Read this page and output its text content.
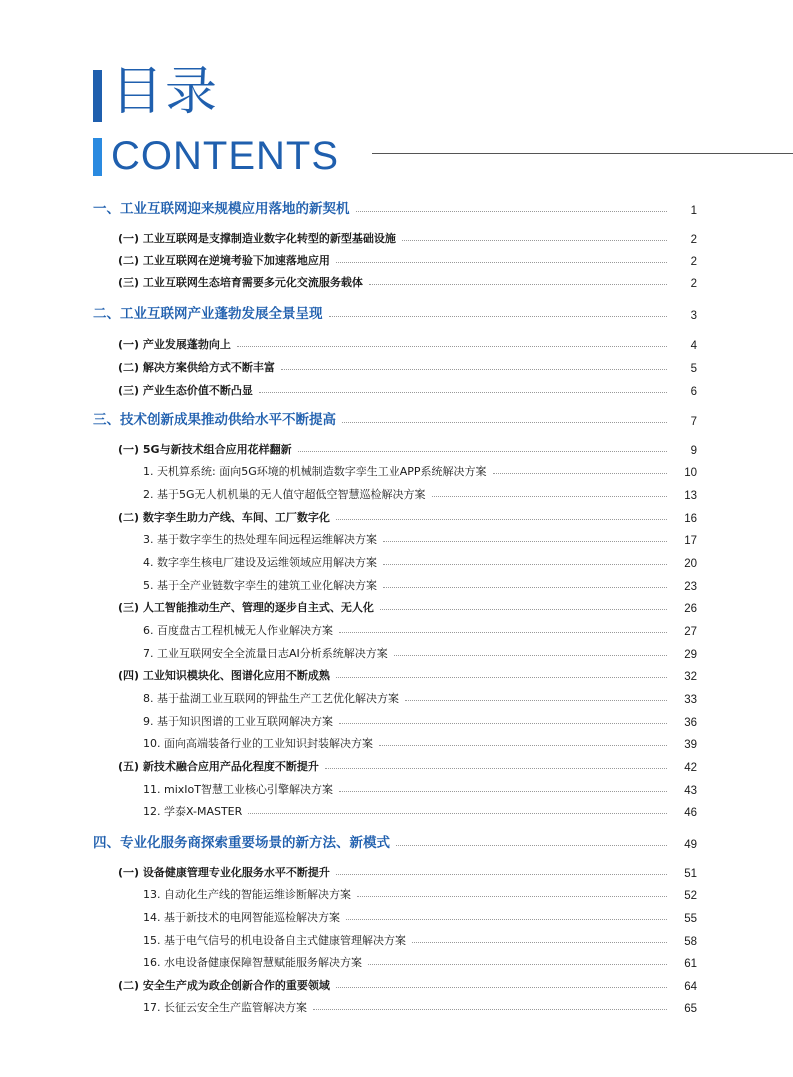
目录
CONTENTS
一、工业互联网迎来规模应用落地的新契机	1
(一) 工业互联网是支撑制造业数字化转型的新型基础设施	2
(二) 工业互联网在逆境考验下加速落地应用	2
(三) 工业互联网生态培育需要多元化交流服务载体	2
二、工业互联网产业蓬勃发展全景呈现	3
(一) 产业发展蓬勃向上	4
(二) 解决方案供给方式不断丰富	5
(三) 产业生态价值不断凸显	6
三、技术创新成果推动供给水平不断提高	7
(一) 5G与新技术组合应用花样翻新	9
1. 天机算系统: 面向5G环境的机械制造数字孪生工业APP系统解决方案	10
2. 基于5G无人机机巢的无人值守超低空智慧巡检解决方案	13
(二) 数字孪生助力产线、车间、工厂数字化	16
3. 基于数字孪生的热处理车间远程运维解决方案	17
4. 数字孪生核电厂建设及运维领域应用解决方案	20
5. 基于全产业链数字孪生的建筑工业化解决方案	23
(三) 人工智能推动生产、管理的逐步自主式、无人化	26
6. 百度盘古工程机械无人作业解决方案	27
7. 工业互联网安全全流量日志AI分析系统解决方案	29
(四) 工业知识模块化、图谱化应用不断成熟	32
8. 基于盐湖工业互联网的钾盐生产工艺优化解决方案	33
9. 基于知识图谱的工业互联网解决方案	36
10. 面向高端装备行业的工业知识封装解决方案	39
(五) 新技术融合应用产品化程度不断提升	42
11. mixIoT智慧工业核心引擎解决方案	43
12. 学泰X-MASTER	46
四、专业化服务商探索重要场景的新方法、新模式	49
(一) 设备健康管理专业化服务水平不断提升	51
13. 自动化生产线的智能运维诊断解决方案	52
14. 基于新技术的电网智能巡检解决方案	55
15. 基于电气信号的机电设备自主式健康管理解决方案	58
16. 水电设备健康保障智慧赋能服务解决方案	61
(二) 安全生产成为政企创新合作的重要领域	64
17. 长征云安全生产监管解决方案	65
